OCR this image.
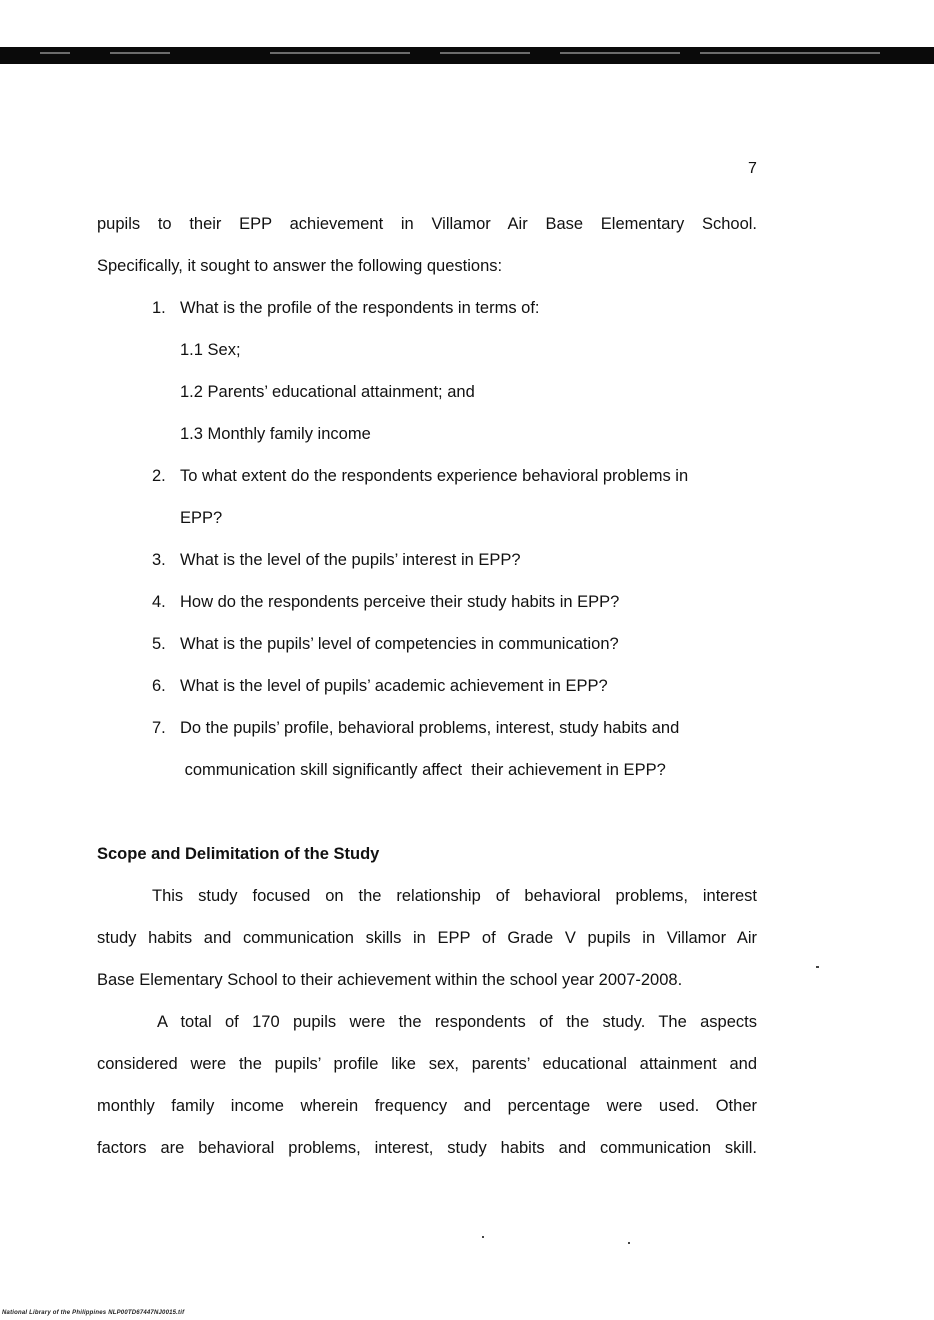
7
pupils to their EPP achievement in Villamor Air Base Elementary School.
Specifically, it sought to answer the following questions:
1. What is the profile of the respondents in terms of:
1.1 Sex;
1.2 Parents’ educational attainment; and
1.3 Monthly family income
2. To what extent do the respondents experience behavioral problems in
EPP?
3. What is the level of the pupils’ interest in EPP?
4. How do the respondents perceive their study habits in EPP?
5. What is the pupils’ level of competencies in communication?
6. What is the level of pupils’ academic achievement in EPP?
7. Do the pupils’ profile, behavioral problems, interest, study habits and
communication skill significantly affect  their achievement in EPP?
Scope and Delimitation of the Study
This study focused on the relationship of behavioral problems, interest
study habits and communication skills in EPP of Grade V pupils in Villamor Air
Base Elementary School to their achievement within the school year 2007-2008.
A total of 170 pupils were the respondents of the study. The aspects
considered were the pupils’ profile like sex, parents’ educational attainment and
monthly family income wherein frequency and percentage were used. Other
factors are behavioral problems, interest, study habits and communication skill.
National Library of the Philippines NLP00TD67447NJ0015.tif
